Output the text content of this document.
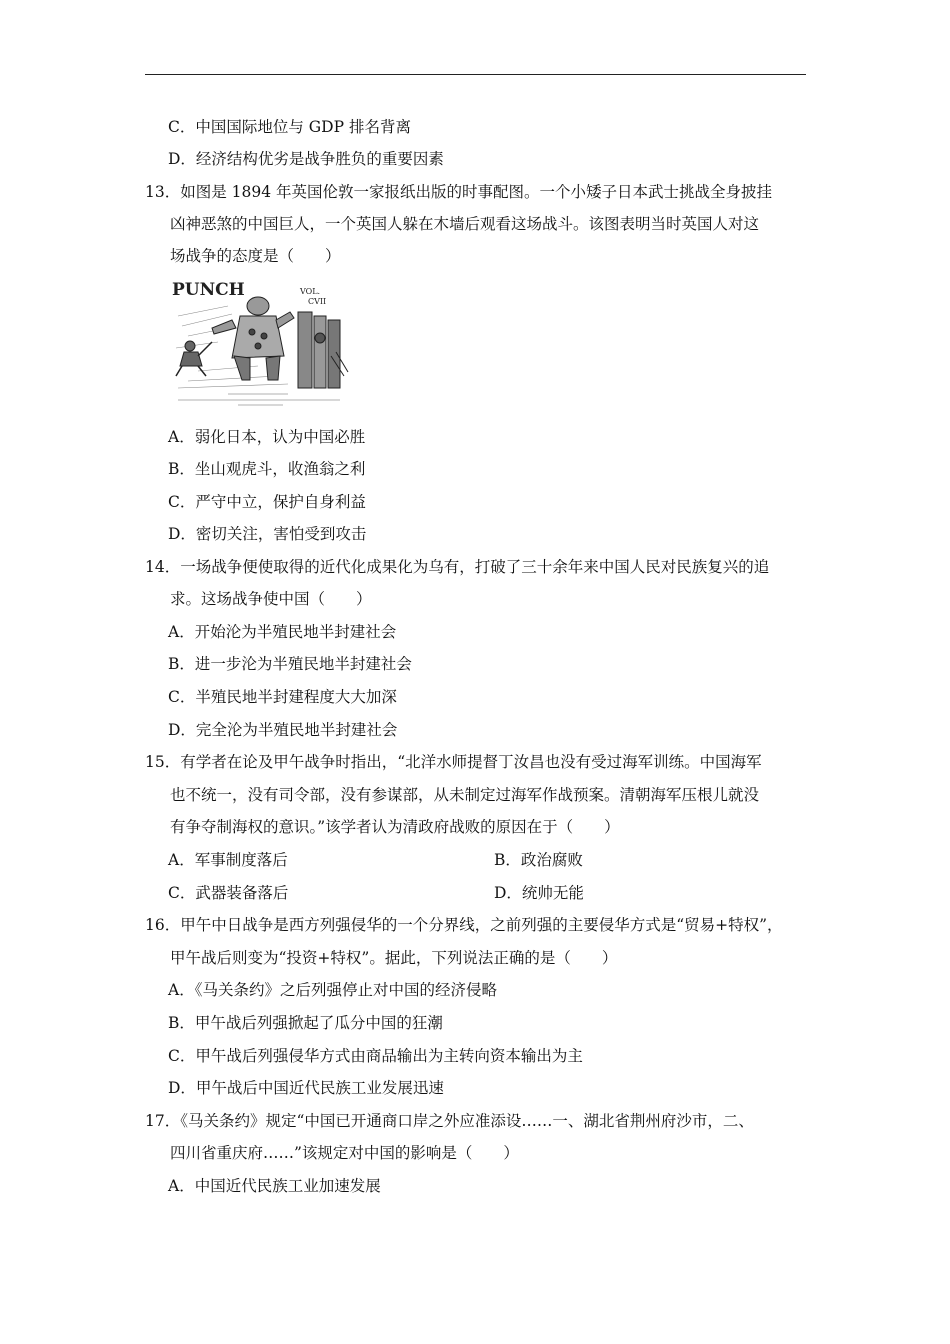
C．中国国际地位与 GDP 排名背离
D．经济结构优劣是战争胜负的重要因素
13．如图是 1894 年英国伦敦一家报纸出版的时事配图。一个小矮子日本武士挑战全身披挂
凶神恶煞的中国巨人，一个英国人躲在木墙后观看这场战斗。该图表明当时英国人对这
场战争的态度是（　　）
PUNCH	VOL.
CVII
A．弱化日本，认为中国必胜
B．坐山观虎斗，收渔翁之利
C．严守中立，保护自身利益
D．密切关注，害怕受到攻击
14．一场战争便使取得的近代化成果化为乌有，打破了三十余年来中国人民对民族复兴的追
求。这场战争使中国（　　）
A．开始沦为半殖民地半封建社会
B．进一步沦为半殖民地半封建社会
C．半殖民地半封建程度大大加深
D．完全沦为半殖民地半封建社会
15．有学者在论及甲午战争时指出，“北洋水师提督丁汝昌也没有受过海军训练。中国海军
也不统一，没有司令部，没有参谋部，从未制定过海军作战预案。清朝海军压根儿就没
有争夺制海权的意识。”该学者认为清政府战败的原因在于（　　）
A．军事制度落后	B．政治腐败
C．武器装备落后	D．统帅无能
16．甲午中日战争是西方列强侵华的一个分界线，之前列强的主要侵华方式是“贸易+特权”，
甲午战后则变为“投资+特权”。据此，下列说法正确的是（　　）
A．《马关条约》之后列强停止对中国的经济侵略
B．甲午战后列强掀起了瓜分中国的狂潮
C．甲午战后列强侵华方式由商品输出为主转向资本输出为主
D．甲午战后中国近代民族工业发展迅速
17．《马关条约》规定“中国已开通商口岸之外应准添设……一、湖北省荆州府沙市，二、
四川省重庆府……”该规定对中国的影响是（　　）
A．中国近代民族工业加速发展
